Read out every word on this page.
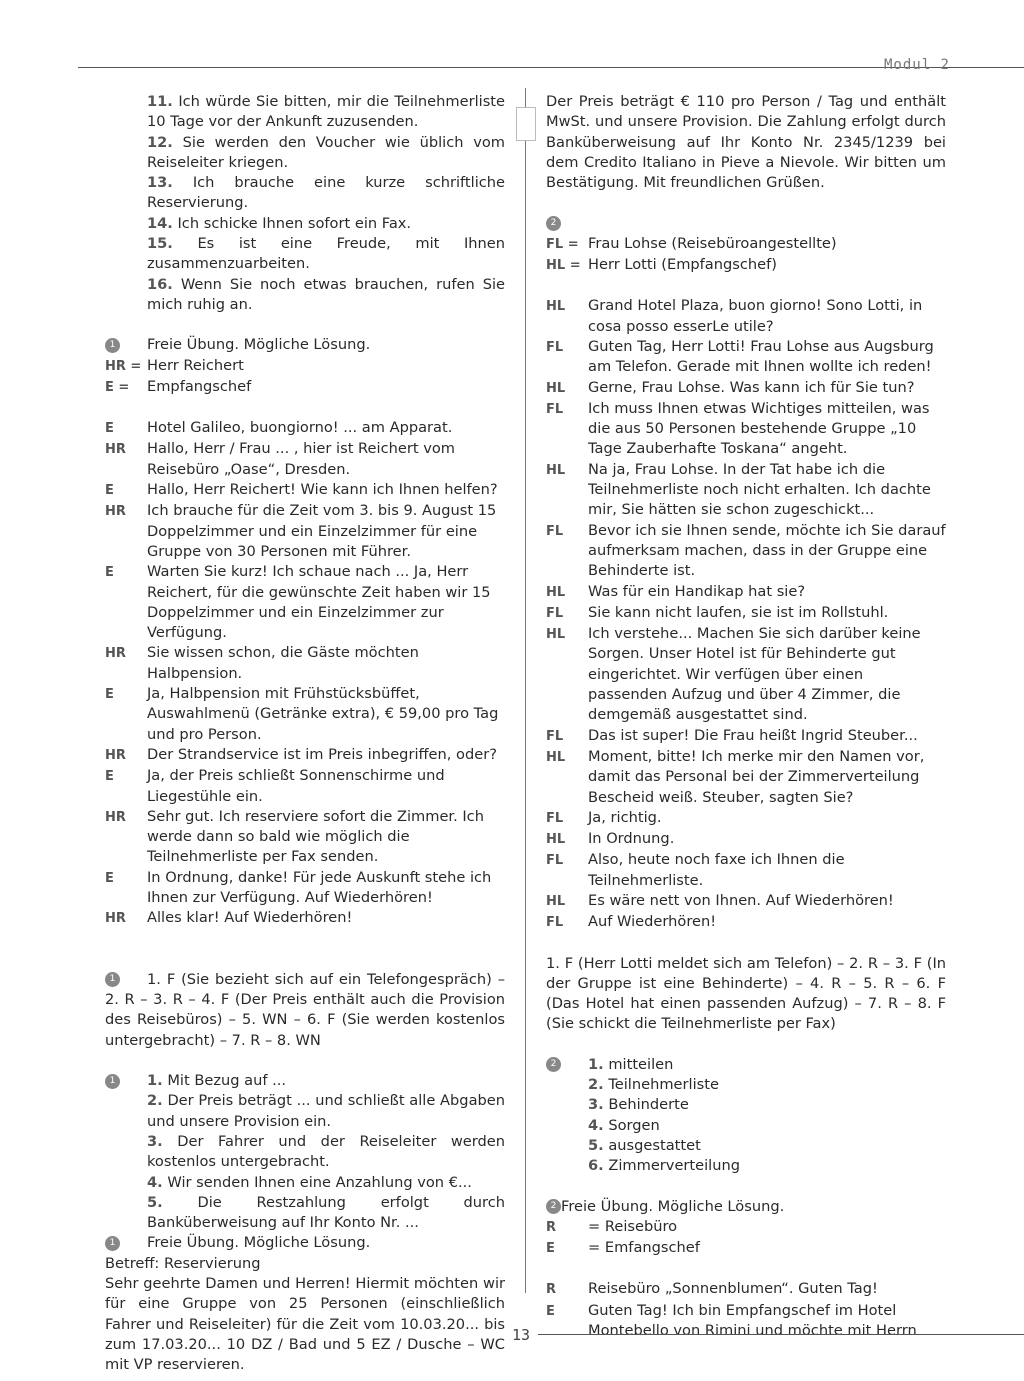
Modul 2

11. Ich würde Sie bitten, mir die Teilnehmerliste 10 Tage vor der Ankunft zuzusenden.

12. Sie werden den Voucher wie üblich vom Reiseleiter kriegen.

13. Ich brauche eine kurze schriftliche Reservierung.

14. Ich schicke Ihnen sofort ein Fax.

15. Es ist eine Freude, mit Ihnen zusammenzuarbeiten.

16. Wenn Sie noch etwas brauchen, rufen Sie mich ruhig an.

1	Freie Übung. Mögliche Lösung.
HR = Herr Reichert
E =	Empfangschef
E	Hotel Galileo, buongiorno! ... am Apparat.
HR	Hallo, Herr / Frau ... , hier ist Reichert vom Reisebüro „Oase“, Dresden.
E	Hallo, Herr Reichert! Wie kann ich Ihnen helfen?
HR	Ich brauche für die Zeit vom 3. bis 9. August 15 Doppelzimmer und ein Einzelzimmer für eine Gruppe von 30 Personen mit Führer.
E	Warten Sie kurz! Ich schaue nach ... Ja, Herr Reichert, für die gewünschte Zeit haben wir 15 Doppelzimmer und ein Einzelzimmer zur Verfügung.
HR	Sie wissen schon, die Gäste möchten Halbpension.
E	Ja, Halbpension mit Frühstücksbüffet, Auswahlmenü (Getränke extra), € 59,00 pro Tag und pro Person.
HR	Der Strandservice ist im Preis inbegriffen, oder?
E	Ja, der Preis schließt Sonnenschirme und Liegestühle ein.
HR	Sehr gut. Ich reserviere sofort die Zimmer. Ich werde dann so bald wie möglich die Teilnehmerliste per Fax senden.
E	In Ordnung, danke! Für jede Auskunft stehe ich Ihnen zur Verfügung. Auf Wiederhören!
HR	Alles klar! Auf Wiederhören!
1	1. F (Sie bezieht sich auf ein Telefongespräch) – 2. R – 3. R – 4. F (Der Preis enthält auch die Provision des Reisebüros) – 5. WN – 6. F (Sie werden kostenlos untergebracht) – 7. R – 8. WN

1	1. Mit Bezug auf ...

2. Der Preis beträgt ... und schließt alle Abgaben und unsere Provision ein.

3. Der Fahrer und der Reiseleiter werden kostenlos untergebracht.

4. Wir senden Ihnen eine Anzahlung von €...

5. Die Restzahlung erfolgt durch Banküberweisung auf Ihr Konto Nr. ...

1	Freie Übung. Mögliche Lösung.

Betreff: Reservierung

Sehr geehrte Damen und Herren! Hiermit möchten wir für eine Gruppe von 25 Personen (einschließlich Fahrer und Reiseleiter) für die Zeit vom 10.03.20... bis zum 17.03.20... 10 DZ / Bad und 5 EZ / Dusche – WC mit VP reservieren.

Der Preis beträgt € 110 pro Person / Tag und enthält MwSt. und unsere Provision. Die Zahlung erfolgt durch Banküberweisung auf Ihr Konto Nr. 2345/1239 bei dem Credito Italiano in Pieve a Nievole. Wir bitten um Bestätigung. Mit freundlichen Grüßen.

2
FL = Frau Lohse (Reisebüroangestellte)
HL = Herr Lotti (Empfangschef)
HL	Grand Hotel Plaza, buon giorno! Sono Lotti, in cosa posso esserLe utile?
FL	Guten Tag, Herr Lotti! Frau Lohse aus Augsburg am Telefon. Gerade mit Ihnen wollte ich reden!
HL	Gerne, Frau Lohse. Was kann ich für Sie tun?
FL	Ich muss Ihnen etwas Wichtiges mitteilen, was die aus 50 Personen bestehende Gruppe „10 Tage Zauberhafte Toskana“ angeht.
HL	Na ja, Frau Lohse. In der Tat habe ich die Teilnehmerliste noch nicht erhalten. Ich dachte mir, Sie hätten sie schon zugeschickt...
FL	Bevor ich sie Ihnen sende, möchte ich Sie darauf aufmerksam machen, dass in der Gruppe eine Behinderte ist.
HL	Was für ein Handikap hat sie?
FL	Sie kann nicht laufen, sie ist im Rollstuhl.
HL	Ich verstehe... Machen Sie sich darüber keine Sorgen. Unser Hotel ist für Behinderte gut eingerichtet. Wir verfügen über einen passenden Aufzug und über 4 Zimmer, die demgemäß ausgestattet sind.
FL	Das ist super! Die Frau heißt Ingrid Steuber...
HL	Moment, bitte! Ich merke mir den Namen vor, damit das Personal bei der Zimmerverteilung Bescheid weiß. Steuber, sagten Sie?
FL	Ja, richtig.
HL	In Ordnung.
FL	Also, heute noch faxe ich Ihnen die Teilnehmerliste.
HL	Es wäre nett von Ihnen. Auf Wiederhören!
FL	Auf Wiederhören!

1. F (Herr Lotti meldet sich am Telefon) – 2. R – 3. F (In der Gruppe ist eine Behinderte) – 4. R – 5. R – 6. F (Das Hotel hat einen passenden Aufzug) – 7. R – 8. F (Sie schickt die Teilnehmerliste per Fax)

2	1. mitteilen

2. Teilnehmerliste

3. Behinderte

4. Sorgen

5. ausgestattet

6. Zimmerverteilung

2 Freie Übung. Mögliche Lösung.
R	= Reisebüro
E	= Emfangschef
R	Reisebüro „Sonnenblumen“. Guten Tag!
E	Guten Tag! Ich bin Empfangschef im Hotel Montebello von Rimini und möchte mit Herrn
13
